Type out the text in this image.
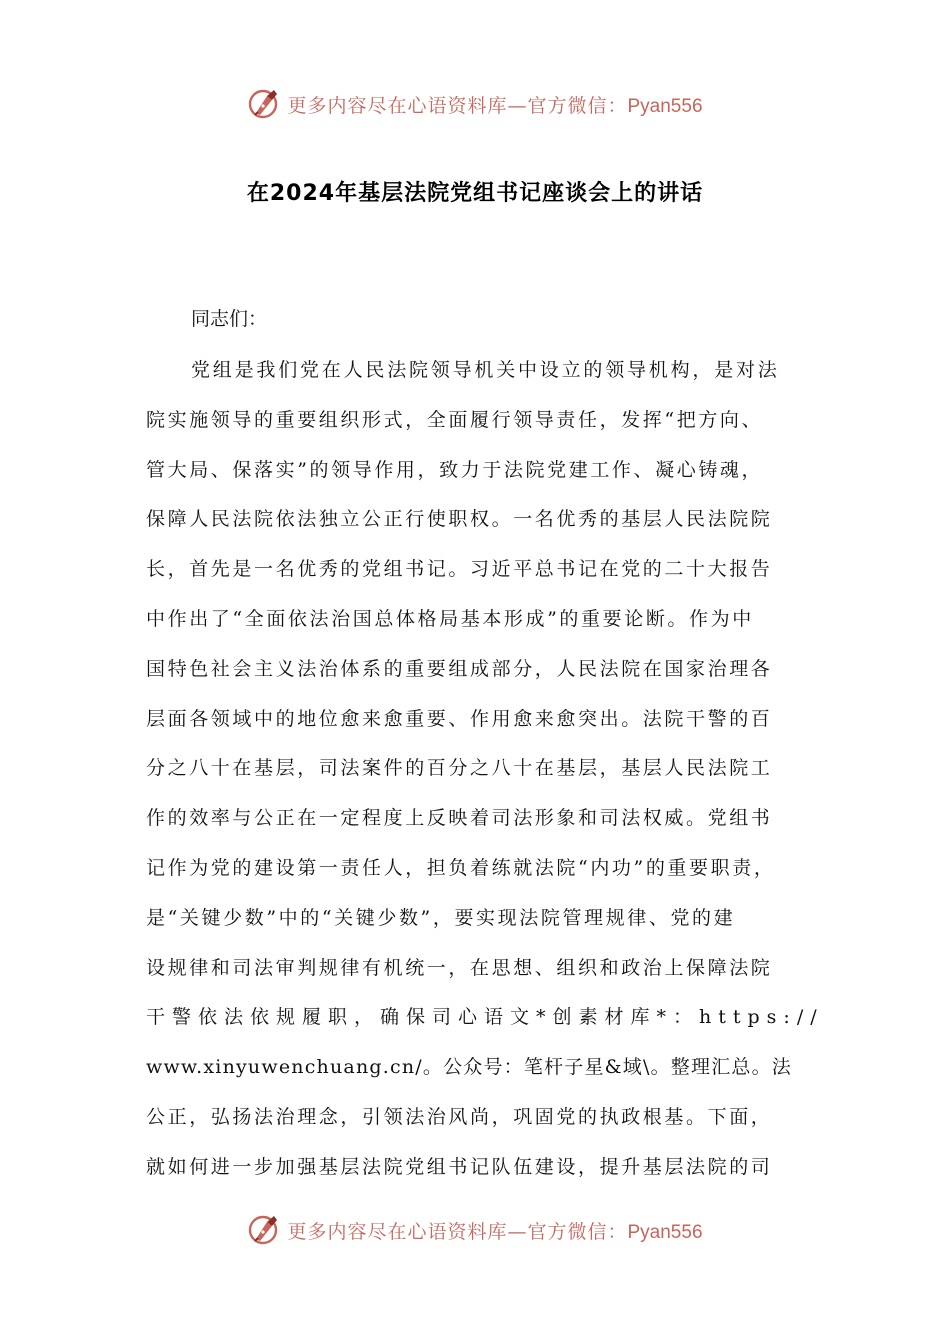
更多内容尽在心语资料库—官方微信：Pyan556
在2024年基层法院党组书记座谈会上的讲话

同志们：

党组是我们党在人民法院领导机关中设立的领导机构，是对法
院实施领导的重要组织形式，全面履行领导责任，发挥“把方向、
管大局、保落实”的领导作用，致力于法院党建工作、凝心铸魂，
保障人民法院依法独立公正行使职权。一名优秀的基层人民法院院
长，首先是一名优秀的党组书记。习近平总书记在党的二十大报告
中作出了“全面依法治国总体格局基本形成”的重要论断。作为中
国特色社会主义法治体系的重要组成部分，人民法院在国家治理各
层面各领域中的地位愈来愈重要、作用愈来愈突出。法院干警的百
分之八十在基层，司法案件的百分之八十在基层，基层人民法院工
作的效率与公正在一定程度上反映着司法形象和司法权威。党组书
记作为党的建设第一责任人，担负着练就法院“内功”的重要职责，
是“关键少数”中的“关键少数”，要实现法院管理规律、党的建
设规律和司法审判规律有机统一，在思想、组织和政治上保障法院
干警依法依规履职，确保司心语文*创素材库*：https://
www.xinyuwenchuang.cn/。公众号：笔杆子星&域\。整理汇总。法
公正，弘扬法治理念，引领法治风尚，巩固党的执政根基。下面，
就如何进一步加强基层法院党组书记队伍建设，提升基层法院的司
更多内容尽在心语资料库—官方微信：Pyan556
